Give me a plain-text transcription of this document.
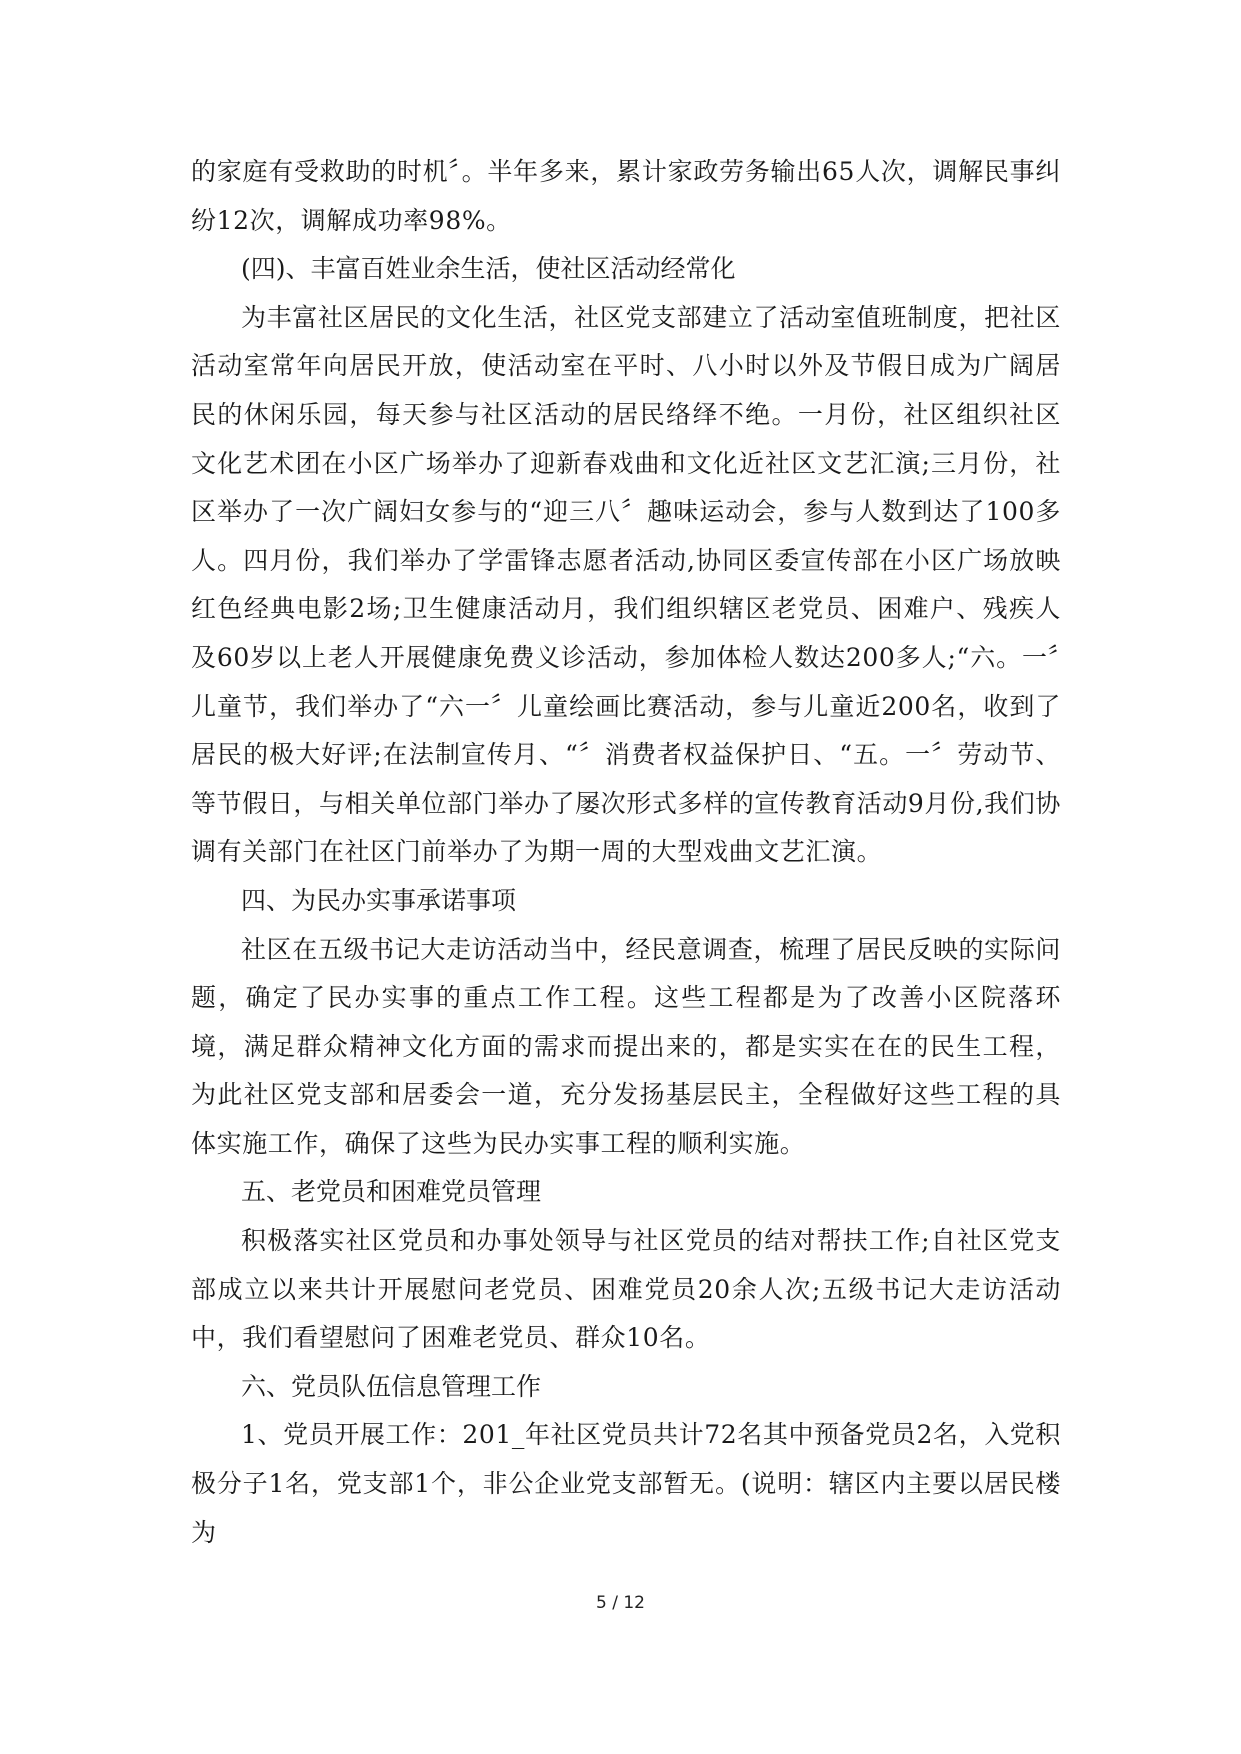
的家庭有受救助的时机〞。半年多来，累计家政劳务输出65人次，调解民事纠纷12次，调解成功率98%。

(四)、丰富百姓业余生活，使社区活动经常化

为丰富社区居民的文化生活，社区党支部建立了活动室值班制度，把社区活动室常年向居民开放，使活动室在平时、八小时以外及节假日成为广阔居民的休闲乐园，每天参与社区活动的居民络绎不绝。一月份，社区组织社区文化艺术团在小区广场举办了迎新春戏曲和文化近社区文艺汇演;三月份，社区举办了一次广阔妇女参与的“迎三八〞趣味运动会，参与人数到达了100多人。四月份，我们举办了学雷锋志愿者活动,协同区委宣传部在小区广场放映红色经典电影2场;卫生健康活动月，我们组织辖区老党员、困难户、残疾人及60岁以上老人开展健康免费义诊活动，参加体检人数达200多人;“六。一〞儿童节，我们举办了“六一〞儿童绘画比赛活动，参与儿童近200名，收到了居民的极大好评;在法制宣传月、“〞消费者权益保护日、“五。一〞劳动节、等节假日，与相关单位部门举办了屡次形式多样的宣传教育活动9月份,我们协调有关部门在社区门前举办了为期一周的大型戏曲文艺汇演。

四、为民办实事承诺事项

社区在五级书记大走访活动当中，经民意调查，梳理了居民反映的实际问题，确定了民办实事的重点工作工程。这些工程都是为了改善小区院落环境，满足群众精神文化方面的需求而提出来的，都是实实在在的民生工程，为此社区党支部和居委会一道，充分发扬基层民主，全程做好这些工程的具体实施工作，确保了这些为民办实事工程的顺利实施。

五、老党员和困难党员管理

积极落实社区党员和办事处领导与社区党员的结对帮扶工作;自社区党支部成立以来共计开展慰问老党员、困难党员20余人次;五级书记大走访活动中，我们看望慰问了困难老党员、群众10名。

六、党员队伍信息管理工作

1、党员开展工作：201_年社区党员共计72名其中预备党员2名，入党积极分子1名，党支部1个，非公企业党支部暂无。(说明：辖区内主要以居民楼为

5 / 12
